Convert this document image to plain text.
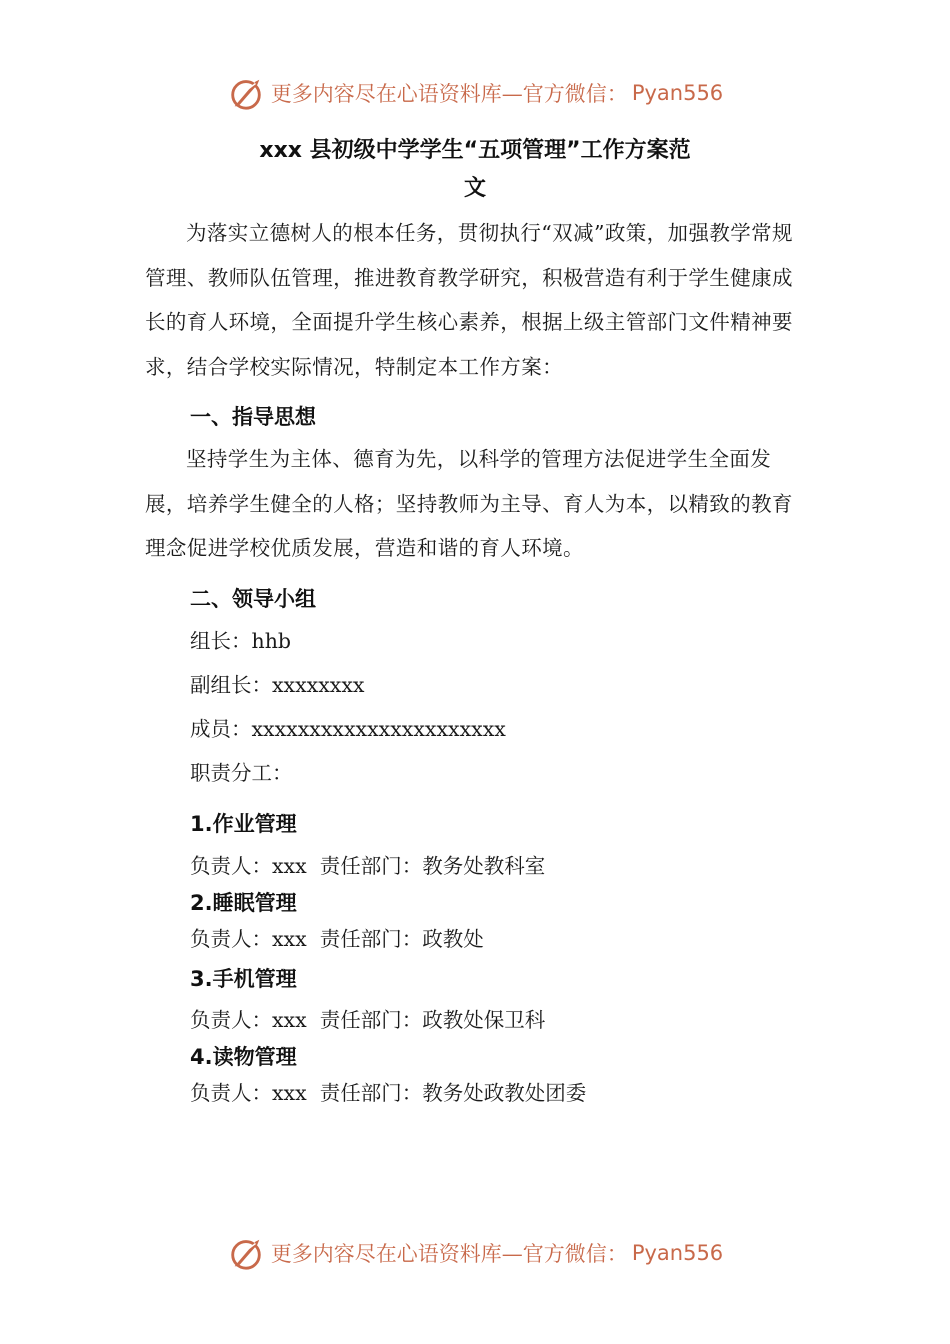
更多内容尽在心语资料库—官方微信： Pyan556
xxx 县初级中学学生“五项管理”工作方案范
文

为落实立德树人的根本任务，贯彻执行“双减”政策，加强教学常规管理、教师队伍管理，推进教育教学研究，积极营造有利于学生健康成长的育人环境，全面提升学生核心素养，根据上级主管部门文件精神要求，结合学校实际情况，特制定本工作方案：

一、指导思想

坚持学生为主体、德育为先，以科学的管理方法促进学生全面发展，培养学生健全的人格；坚持教师为主导、育人为本，以精致的教育理念促进学校优质发展，营造和谐的育人环境。

二、领导小组

组长：hhb

副组长：xxxxxxxx

成员：xxxxxxxxxxxxxxxxxxxxxx

职责分工：

1.作业管理

负责人：xxx  责任部门：教务处教科室

2.睡眠管理

负责人：xxx  责任部门：政教处

3.手机管理

负责人：xxx  责任部门：政教处保卫科

4.读物管理

负责人：xxx  责任部门：教务处政教处团委

更多内容尽在心语资料库—官方微信： Pyan556
